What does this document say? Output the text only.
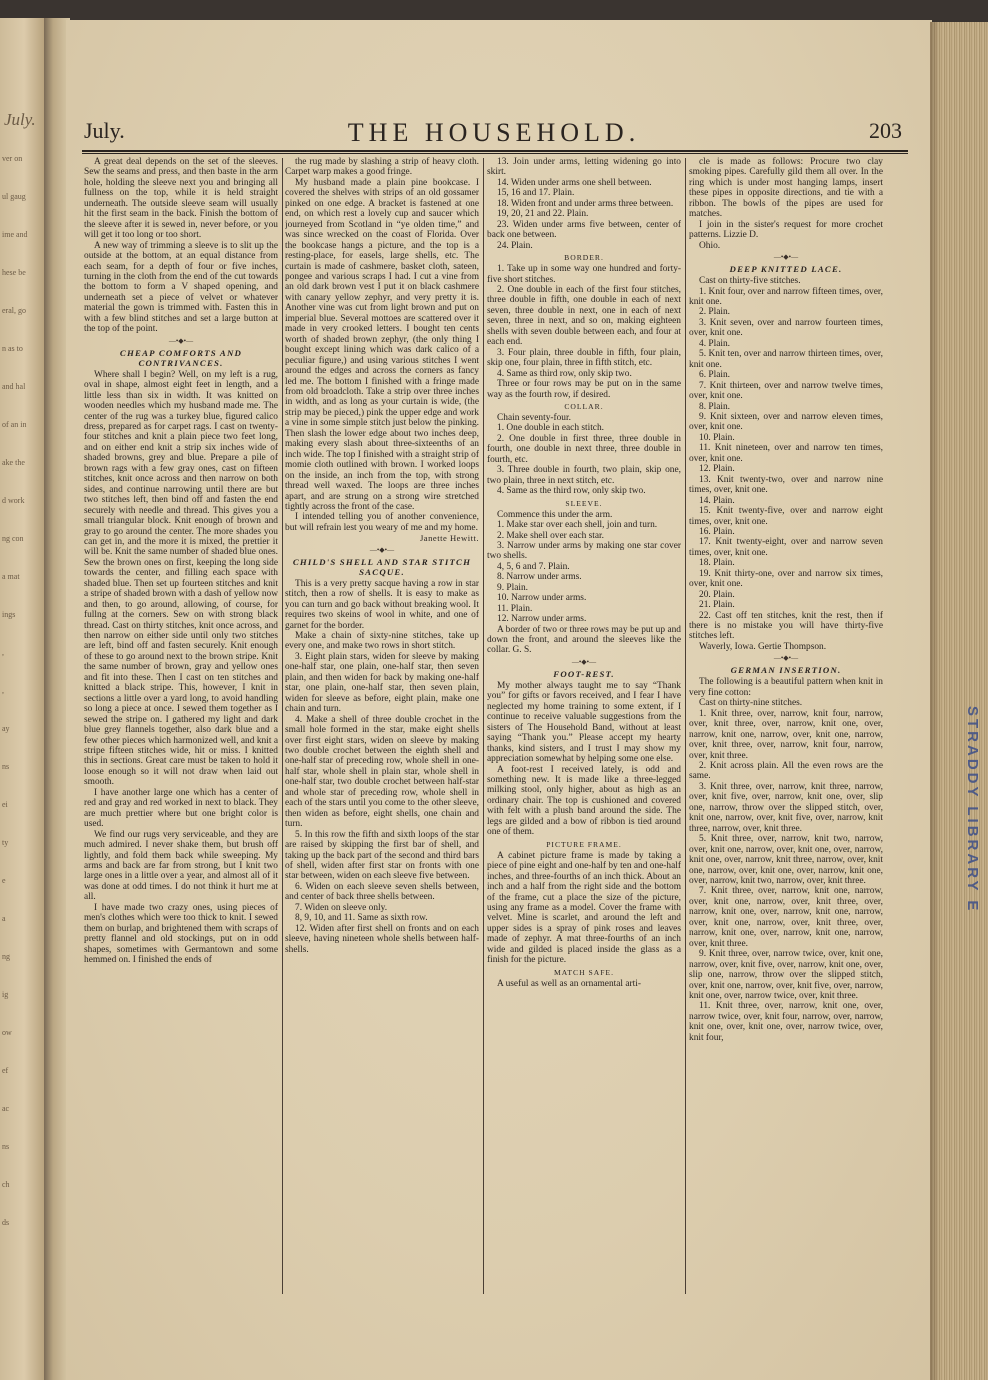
July.
ver on
ul gaug
ime and
hese be
eral, go
n as to
and hal
of an in
ake the
d work
ng con
a mat
ings
,
,
ay
ns
ei
ty
e
a
ng
ig
ow
ef
ac
ns
ch
ds
STRADDY LIBRARY E
THE HOUSEHOLD.
July.	203

A great deal depends on the set of the sleeves. Sew the seams and press, and then baste in the arm hole, holding the sleeve next you and bringing all fullness on the top, while it is held straight underneath. The outside sleeve seam will usually hit the first seam in the back. Finish the bottom of the sleeve after it is sewed in, never before, or you will get it too long or too short.

A new way of trimming a sleeve is to slit up the outside at the bottom, at an equal distance from each seam, for a depth of four or five inches, turning in the cloth from the end of the cut towards the bottom to form a V shaped opening, and underneath set a piece of velvet or whatever material the gown is trimmed with. Fasten this in with a few blind stitches and set a large button at the top of the point.

—•◆•—
CHEAP COMFORTS AND CONTRIVANCES.

Where shall I begin? Well, on my left is a rug, oval in shape, almost eight feet in length, and a little less than six in width. It was knitted on wooden needles which my husband made me. The center of the rug was a turkey blue, figured calico dress, prepared as for carpet rags. I cast on twenty-four stitches and knit a plain piece two feet long, and on either end knit a strip six inches wide of shaded browns, grey and blue. Prepare a pile of brown rags with a few gray ones, cast on fifteen stitches, knit once across and then narrow on both sides, and continue narrowing until there are but two stitches left, then bind off and fasten the end securely with needle and thread. This gives you a small triangular block. Knit enough of brown and gray to go around the center. The more shades you can get in, and the more it is mixed, the prettier it will be. Knit the same number of shaded blue ones. Sew the brown ones on first, keeping the long side towards the center, and filling each space with shaded blue. Then set up fourteen stitches and knit a stripe of shaded brown with a dash of yellow now and then, to go around, allowing, of course, for fullng at the corners. Sew on with strong black thread. Cast on thirty stitches, knit once across, and then narrow on either side until only two stitches are left, bind off and fasten securely. Knit enough of these to go around next to the brown stripe. Knit the same number of brown, gray and yellow ones and fit into these. Then I cast on ten stitches and knitted a black stripe. This, however, I knit in sections a little over a yard long, to avoid handling so long a piece at once. I sewed them together as I sewed the stripe on. I gathered my light and dark blue grey flannels together, also dark blue and a few other pieces which harmonized well, and knit a stripe fifteen stitches wide, hit or miss. I knitted this in sections. Great care must be taken to hold it loose enough so it will not draw when laid out smooth.

I have another large one which has a center of red and gray and red worked in next to black. They are much prettier where but one bright color is used.

We find our rugs very serviceable, and they are much admired. I never shake them, but brush off lightly, and fold them back while sweeping. My arms and back are far from strong, but I knit two large ones in a little over a year, and almost all of it was done at odd times. I do not think it hurt me at all.

I have made two crazy ones, using pieces of men's clothes which were too thick to knit. I sewed them on burlap, and brightened them with scraps of pretty flannel and old stockings, put on in odd shapes, sometimes with Germantown and some hemmed on. I finished the ends of

the rug made by slashing a strip of heavy cloth. Carpet warp makes a good fringe.

My husband made a plain pine bookcase. I covered the shelves with strips of an old gossamer pinked on one edge. A bracket is fastened at one end, on which rest a lovely cup and saucer which journeyed from Scotland in “ye olden time,” and was since wrecked on the coast of Florida. Over the bookcase hangs a picture, and the top is a resting-place, for easels, large shells, etc. The curtain is made of cashmere, basket cloth, sateen, pongee and various scraps I had. I cut a vine from an old dark brown vest I put it on black cashmere with canary yellow zephyr, and very pretty it is. Another vine was cut from light brown and put on imperial blue. Several mottoes are scattered over it made in very crooked letters. I bought ten cents worth of shaded brown zephyr, (the only thing I bought except lining which was dark calico of a peculiar figure,) and using various stitches I went around the edges and across the corners as fancy led me. The bottom I finished with a fringe made from old broadcloth. Take a strip over three inches in width, and as long as your curtain is wide, (the strip may be pieced,) pink the upper edge and work a vine in some simple stitch just below the pinking. Then slash the lower edge about two inches deep, making every slash about three-sixteenths of an inch wide. The top I finished with a straight strip of momie cloth outlined with brown. I worked loops on the inside, an inch from the top, with strong thread well waxed. The loops are three inches apart, and are strung on a strong wire stretched tightly across the front of the case.

I intended telling you of another convenience, but will refrain lest you weary of me and my home.

Janette Hewitt.

—•◆•—
CHILD'S SHELL AND STAR STITCH SACQUE.

This is a very pretty sacque having a row in star stitch, then a row of shells. It is easy to make as you can turn and go back without breaking wool. It requires two skeins of wool in white, and one of garnet for the border.

Make a chain of sixty-nine stitches, take up every one, and make two rows in short stitch.

3. Eight plain stars, widen for sleeve by making one-half star, one plain, one-half star, then seven plain, and then widen for back by making one-half star, one plain, one-half star, then seven plain, widen for sleeve as before, eight plain, make one chain and turn.

4. Make a shell of three double crochet in the small hole formed in the star, make eight shells over first eight stars, widen on sleeve by making two double crochet between the eighth shell and one-half star of preceding row, whole shell in one-half star, whole shell in plain star, whole shell in one-half star, two double crochet between half-star and whole star of preceding row, whole shell in each of the stars until you come to the other sleeve, then widen as before, eight shells, one chain and turn.

5. In this row the fifth and sixth loops of the star are raised by skipping the first bar of shell, and taking up the back part of the second and third bars of shell, widen after first star on fronts with one star between, widen on each sleeve five between.

6. Widen on each sleeve seven shells between, and center of back three shells between.

7. Widen on sleeve only.

8, 9, 10, and 11. Same as sixth row.

12. Widen after first shell on fronts and on each sleeve, having nineteen whole shells between half-shells.

13. Join under arms, letting widening go into skirt.

14. Widen under arms one shell between.

15, 16 and 17. Plain.

18. Widen front and under arms three between.

19, 20, 21 and 22. Plain.

23. Widen under arms five between, center of back one between.

24. Plain.

BORDER.

1. Take up in some way one hundred and forty-five short stitches.

2. One double in each of the first four stitches, three double in fifth, one double in each of next seven, three double in next, one in each of next seven, three in next, and so on, making eighteen shells with seven double between each, and four at each end.

3. Four plain, three double in fifth, four plain, skip one, four plain, three in fifth stitch, etc.

4. Same as third row, only skip two.

Three or four rows may be put on in the same way as the fourth row, if desired.

COLLAR.

Chain seventy-four.

1. One double in each stitch.

2. One double in first three, three double in fourth, one double in next three, three double in fourth, etc.

3. Three double in fourth, two plain, skip one, two plain, three in next stitch, etc.

4. Same as the third row, only skip two.

SLEEVE.

Commence this under the arm.

1. Make star over each shell, join and turn.

2. Make shell over each star.

3. Narrow under arms by making one star cover two shells.

4, 5, 6 and 7. Plain.

8. Narrow under arms.

9. Plain.

10. Narrow under arms.

11. Plain.

12. Narrow under arms.

A border of two or three rows may be put up and down the front, and around the sleeves like the collar. G. S.

—•◆•—
FOOT-REST.

My mother always taught me to say “Thank you” for gifts or favors received, and I fear I have neglected my home training to some extent, if I continue to receive valuable suggestions from the sisters of The Household Band, without at least saying “Thank you.” Please accept my hearty thanks, kind sisters, and I trust I may show my appreciation somewhat by helping some one else.

A foot-rest I received lately, is odd and something new. It is made like a three-legged milking stool, only higher, about as high as an ordinary chair. The top is cushioned and covered with felt with a plush band around the side. The legs are gilded and a bow of ribbon is tied around one of them.

PICTURE FRAME.

A cabinet picture frame is made by taking a piece of pine eight and one-half by ten and one-half inches, and three-fourths of an inch thick. About an inch and a half from the right side and the bottom of the frame, cut a place the size of the picture, using any frame as a model. Cover the frame with velvet. Mine is scarlet, and around the left and upper sides is a spray of pink roses and leaves made of zephyr. A mat three-fourths of an inch wide and gilded is placed inside the glass as a finish for the picture.

MATCH SAFE.

A useful as well as an ornamental arti-

cle is made as follows: Procure two clay smoking pipes. Carefully gild them all over. In the ring which is under most hanging lamps, insert these pipes in opposite directions, and tie with a ribbon. The bowls of the pipes are used for matches.

I join in the sister's request for more crochet patterns. Lizzie D.

Ohio.

—•◆•—
DEEP KNITTED LACE.

Cast on thirty-five stitches.

1. Knit four, over and narrow fifteen times, over, knit one.

2. Plain.

3. Knit seven, over and narrow fourteen times, over, knit one.

4. Plain.

5. Knit ten, over and narrow thirteen times, over, knit one.

6. Plain.

7. Knit thirteen, over and narrow twelve times, over, knit one.

8. Plain.

9. Knit sixteen, over and narrow eleven times, over, knit one.

10. Plain.

11. Knit nineteen, over and narrow ten times, over, knit one.

12. Plain.

13. Knit twenty-two, over and narrow nine times, over, knit one.

14. Plain.

15. Knit twenty-five, over and narrow eight times, over, knit one.

16. Plain.

17. Knit twenty-eight, over and narrow seven times, over, knit one.

18. Plain.

19. Knit thirty-one, over and narrow six times, over, knit one.

20. Plain.

21. Plain.

22. Cast off ten stitches, knit the rest, then if there is no mistake you will have thirty-five stitches left.

Waverly, Iowa. Gertie Thompson.

—•◆•—
GERMAN INSERTION.

The following is a beautiful pattern when knit in very fine cotton:

Cast on thirty-nine stitches.

1. Knit three, over, narrow, knit four, narrow, over, knit three, over, narrow, knit one, over, narrow, knit one, narrow, over, knit one, narrow, over, knit three, over, narrow, knit four, narrow, over, knit three.

2. Knit across plain. All the even rows are the same.

3. Knit three, over, narrow, knit three, narrow, over, knit five, over, narrow, knit one, over, slip one, narrow, throw over the slipped stitch, over, knit one, narrow, over, knit five, over, narrow, knit three, narrow, over, knit three.

5. Knit three, over, narrow, knit two, narrow, over, knit one, narrow, over, knit one, over, narrow, knit one, over, narrow, knit three, narrow, over, knit one, narrow, over, knit one, over, narrow, knit one, over, narrow, knit two, narrow, over, knit three.

7. Knit three, over, narrow, knit one, narrow, over, knit one, narrow, over, knit three, over, narrow, knit one, over, narrow, knit one, narrow, over, knit one, narrow, over, knit three, over, narrow, knit one, over, narrow, knit one, narrow, over, knit three.

9. Knit three, over, narrow twice, over, knit one, narrow, over, knit five, over, narrow, knit one, over, slip one, narrow, throw over the slipped stitch, over, knit one, narrow, over, knit five, over, narrow, knit one, over, narrow twice, over, knit three.

11. Knit three, over, narrow, knit one, over, narrow twice, over, knit four, narrow, over, narrow, knit one, over, knit one, over, narrow twice, over, knit four,
